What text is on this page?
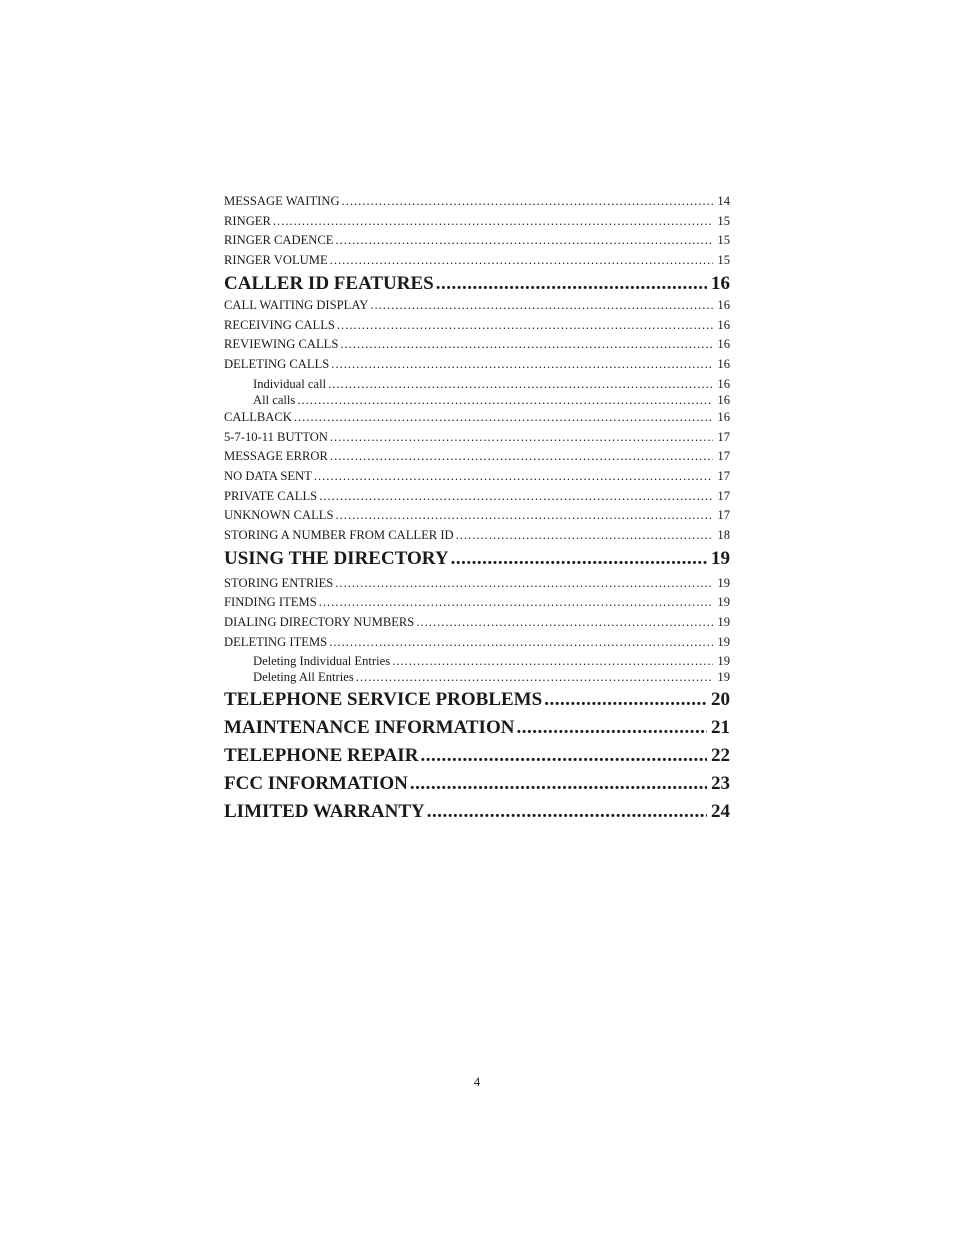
MESSAGE WAITING .....	14
RINGER .....	15
RINGER CADENCE .....	15
RINGER VOLUME .....	15
CALLER ID FEATURES .....	16
CALL WAITING DISPLAY .....	16
RECEIVING CALLS .....	16
REVIEWING CALLS .....	16
DELETING CALLS .....	16
Individual call .....	16
All calls .....	16
CALLBACK .....	16
5-7-10-11 BUTTON .....	17
MESSAGE ERROR .....	17
NO DATA SENT .....	17
PRIVATE CALLS .....	17
UNKNOWN CALLS .....	17
STORING A NUMBER FROM CALLER ID .....	18
USING THE DIRECTORY .....	19
STORING ENTRIES .....	19
FINDING ITEMS .....	19
DIALING DIRECTORY NUMBERS .....	19
DELETING ITEMS .....	19
Deleting Individual Entries .....	19
Deleting All Entries .....	19
TELEPHONE SERVICE PROBLEMS .....	20
MAINTENANCE INFORMATION .....	21
TELEPHONE REPAIR .....	22
FCC INFORMATION .....	23
LIMITED WARRANTY .....	24
4
